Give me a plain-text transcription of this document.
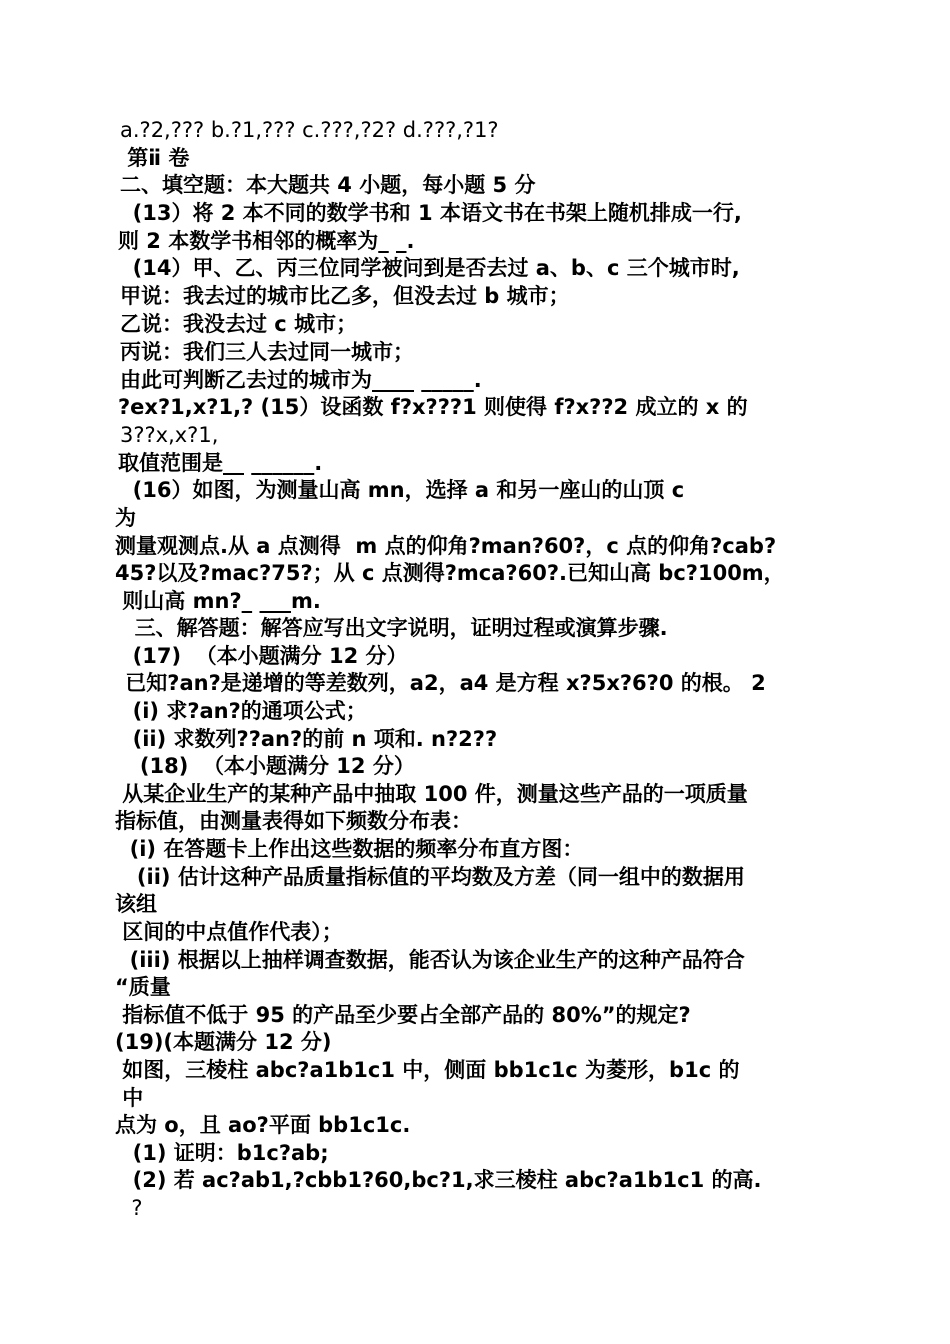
a.?2,??? b.?1,??? c.???,?2? d.???,?1?
第ⅱ 卷
二、填空题：本大题共 4 小题，每小题 5 分
(13）将 2 本不同的数学书和 1 本语文书在书架上随机排成一行,
则 2 本数学书相邻的概率为_ _.
(14）甲、乙、丙三位同学被问到是否去过 a、b、c 三个城市时,
甲说：我去过的城市比乙多，但没去过 b 城市；
乙说：我没去过 c 城市；
丙说：我们三人去过同一城市；
由此可判断乙去过的城市为____ _____.
?ex?1,x?1,? (15）设函数 f?x???1 则使得 f?x??2 成立的 x 的
3??x,x?1,
取值范围是__ ______.
(16）如图，为测量山高 mn，选择 a 和另一座山的山顶 c
为
测量观测点.从 a 点测得  m 点的仰角?man?60?，c 点的仰角?cab?
45?以及?mac?75?；从 c 点测得?mca?60?.已知山高 bc?100m，
则山高 mn?_ ___m.
三、解答题：解答应写出文字说明，证明过程或演算步骤.
(17)  （本小题满分 12 分）
已知?an?是递增的等差数列，a2，a4 是方程 x?5x?6?0 的根。 2
(i) 求?an?的通项公式；
(ii) 求数列??an?的前 n 项和. n?2??
(18)  （本小题满分 12 分）
从某企业生产的某种产品中抽取 100 件，测量这些产品的一项质量
指标值，由测量表得如下频数分布表：
(i) 在答题卡上作出这些数据的频率分布直方图：
(ii) 估计这种产品质量指标值的平均数及方差（同一组中的数据用
该组
区间的中点值作代表）；
(iii) 根据以上抽样调查数据，能否认为该企业生产的这种产品符合
“质量
指标值不低于 95 的产品至少要占全部产品的 80%”的规定?
(19)(本题满分 12 分)
如图，三棱柱 abc?a1b1c1 中，侧面 bb1c1c 为菱形，b1c 的
中
点为 o，且 ao?平面 bb1c1c.
(1) 证明：b1c?ab;
(2) 若 ac?ab1,?cbb1?60,bc?1,求三棱柱 abc?a1b1c1 的高.
?
